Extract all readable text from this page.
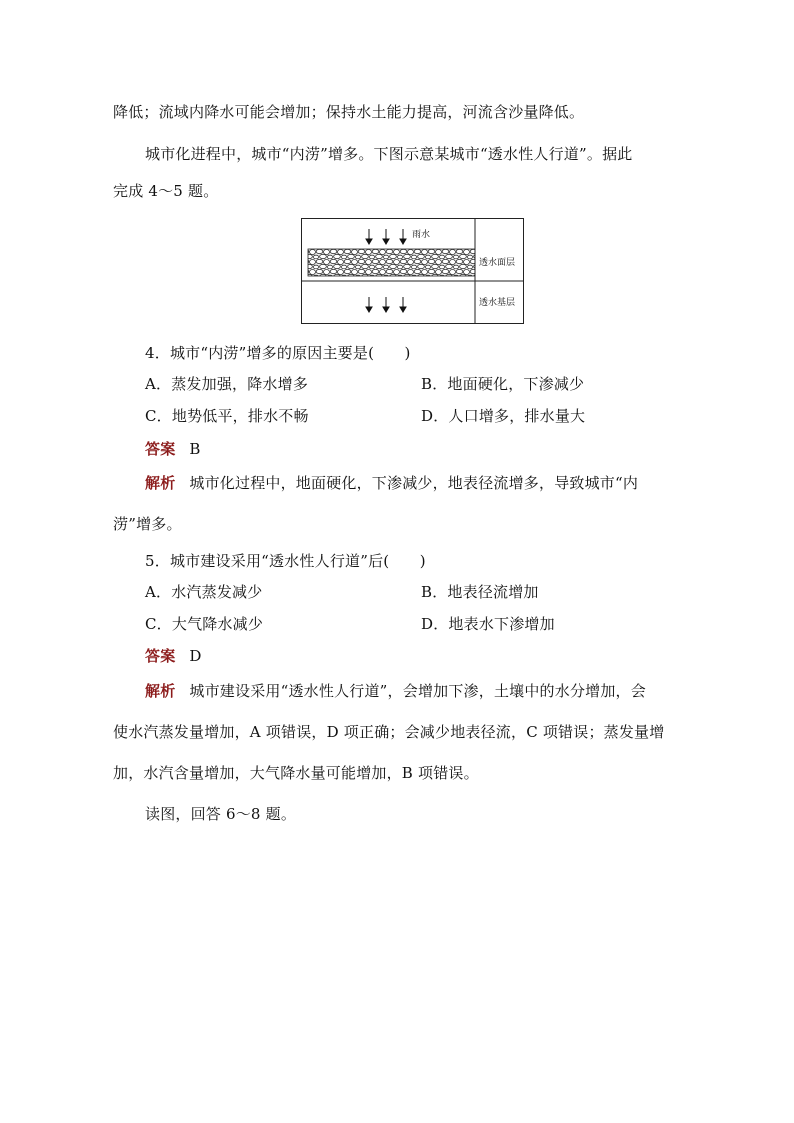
降低；流域内降水可能会增加；保持水土能力提高，河流含沙量降低。
城市化进程中，城市“内涝”增多。下图示意某城市“透水性人行道”。据此
完成 4～5 题。
雨水
透水面层
透水基层
4．城市“内涝”增多的原因主要是(　　)
A．蒸发加强，降水增多	B．地面硬化，下渗减少
C．地势低平，排水不畅	D．人口增多，排水量大
答案 B
解析 城市化过程中，地面硬化，下渗减少，地表径流增多，导致城市“内
涝”增多。
5．城市建设采用“透水性人行道”后(　　)
A．水汽蒸发减少	B．地表径流增加
C．大气降水减少	D．地表水下渗增加
答案 D
解析 城市建设采用“透水性人行道”，会增加下渗，土壤中的水分增加，会
使水汽蒸发量增加，A 项错误，D 项正确；会减少地表径流，C 项错误；蒸发量增
加，水汽含量增加，大气降水量可能增加，B 项错误。
读图，回答 6～8 题。
